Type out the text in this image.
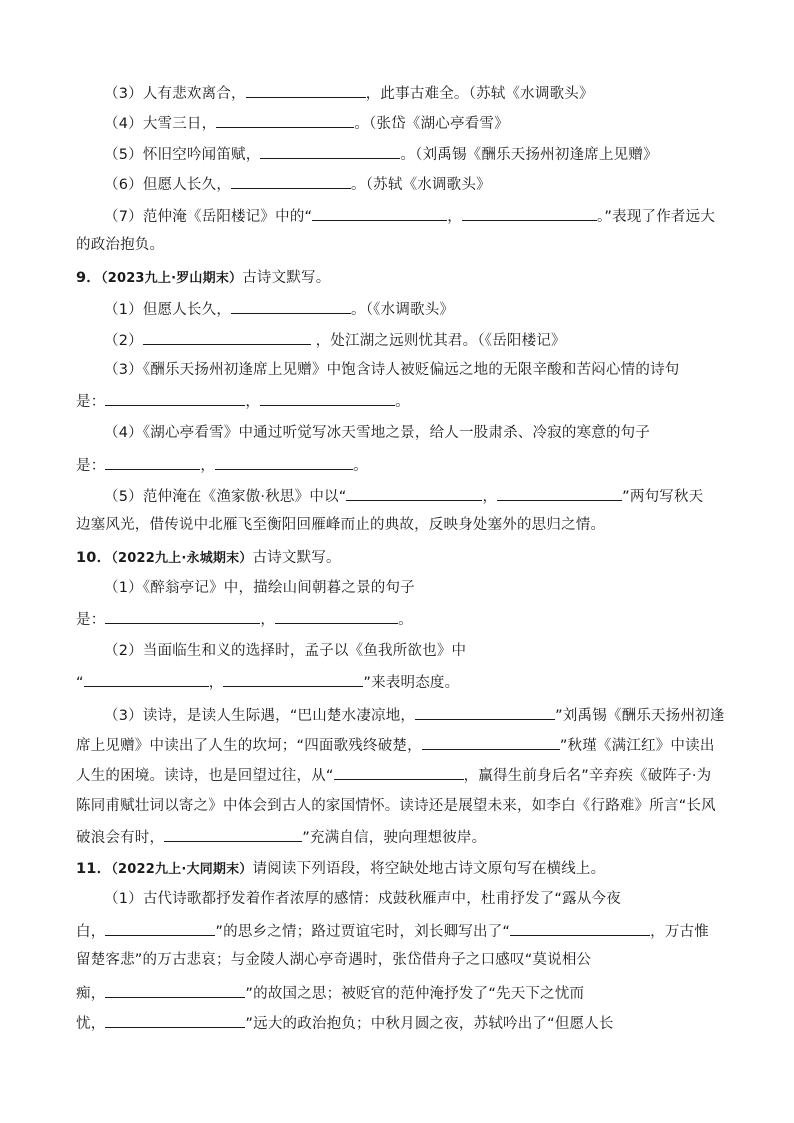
（3）人有悲欢离合，	，此事古难全。（苏轼《水调歌头》
（4）大雪三日，	。（张岱《湖心亭看雪》
（5）怀旧空吟闻笛赋，	。（刘禹锡《酬乐天扬州初逢席上见赠》
（6）但愿人长久，	。（苏轼《水调歌头》
（7）范仲淹《岳阳楼记》中的“	，	。”表现了作者远大
的政治抱负。
9．（2023九上·罗山期末）古诗文默写。
（1）但愿人长久，	。（《水调歌头》
（2）	，处江湖之远则忧其君。（《岳阳楼记》
（3）《酬乐天扬州初逢席上见赠》中饱含诗人被贬偏远之地的无限辛酸和苦闷心情的诗句
是：	，	。
（4）《湖心亭看雪》中通过听觉写冰天雪地之景，给人一股肃杀、冷寂的寒意的句子
是：	，	。
（5）范仲淹在《渔家傲·秋思》中以“	，	”两句写秋天
边塞风光，借传说中北雁飞至衡阳回雁峰而止的典故，反映身处塞外的思归之情。
10．（2022九上·永城期末）古诗文默写。
（1）《醉翁亭记》中，描绘山间朝暮之景的句子
是：	，	。
（2）当面临生和义的选择时，孟子以《鱼我所欲也》中
“	，	”来表明态度。
（3）读诗，是读人生际遇，“巴山楚水凄凉地，	”刘禹锡《酬乐天扬州初逢
席上见赠》中读出了人生的坎坷；“四面歌残终破楚，	”秋瑾《满江红》中读出
人生的困境。读诗，也是回望过往，从“	，赢得生前身后名”辛弃疾《破阵子·为
陈同甫赋壮词以寄之》中体会到古人的家国情怀。读诗还是展望未来，如李白《行路难》所言“长风
破浪会有时，	”充满自信，驶向理想彼岸。
11．（2022九上·大同期末）请阅读下列语段，将空缺处地古诗文原句写在横线上。
（1）古代诗歌都抒发着作者浓厚的感情：戍鼓秋雁声中，杜甫抒发了“露从今夜
白，	”的思乡之情；路过贾谊宅时，刘长卿写出了“	，万古惟
留楚客悲”的万古悲哀；与金陵人湖心亭奇遇时，张岱借舟子之口感叹“莫说相公
痴，	”的故国之思；被贬官的范仲淹抒发了“先天下之忧而
忧，	”远大的政治抱负；中秋月圆之夜，苏轼吟出了“但愿人长
